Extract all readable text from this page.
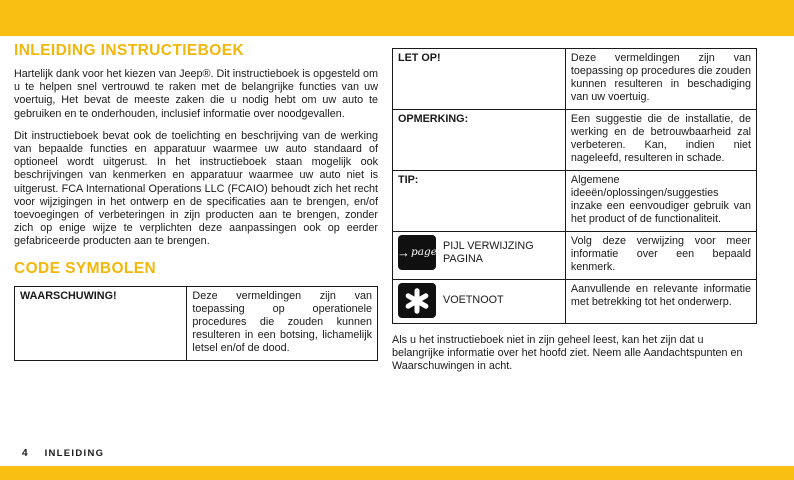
INLEIDING INSTRUCTIEBOEK

Hartelijk dank voor het kiezen van Jeep®. Dit instructieboek is opgesteld om u te helpen snel vertrouwd te raken met de belangrijke functies van uw voertuig, Het bevat de meeste zaken die u nodig hebt om uw auto te gebruiken en te onderhouden, inclusief informatie over noodgevallen.

Dit instructieboek bevat ook de toelichting en beschrijving van de werking van bepaalde functies en apparatuur waarmee uw auto standaard of optioneel wordt uitgerust. In het instructieboek staan mogelijk ook beschrijvingen van kenmerken en apparatuur waarmee uw auto niet is uitgerust. FCA International Operations LLC (FCAIO) behoudt zich het recht voor wijzigingen in het ontwerp en de specificaties aan te brengen, en/of toevoegingen of verbeteringen in zijn producten aan te brengen, zonder zich op enige wijze te verplichten deze aanpassingen ook op eerder gefabriceerde producten aan te brengen.

CODE SYMBOLEN
WAARSCHUWING!	Deze vermeldingen zijn van toepassing op operationele procedures die zouden kunnen resulteren in een botsing, lichamelijk letsel en/of de dood.
LET OP!	Deze vermeldingen zijn van toepassing op procedures die zouden kunnen resulteren in beschadiging van uw voertuig.
OPMERKING:	Een suggestie die de installatie, de werking en de betrouwbaarheid zal verbeteren. Kan, indien niet nageleefd, resulteren in schade.
TIP:	Algemene ideeën/oplossingen/suggesties inzake een eenvoudiger gebruik van het product of de functionaliteit.

→ page
PIJL VERWIJZING PAGINA	Volg deze verwijzing voor meer informatie over een bepaald kenmerk.

VOETNOOT	Aanvullende en relevante informatie met betrekking tot het onderwerp.

Als u het instructieboek niet in zijn geheel leest, kan het zijn dat u belangrijke informatie over het hoofd ziet. Neem alle Aandachtspunten en Waarschuwingen in acht.

4 INLEIDING
